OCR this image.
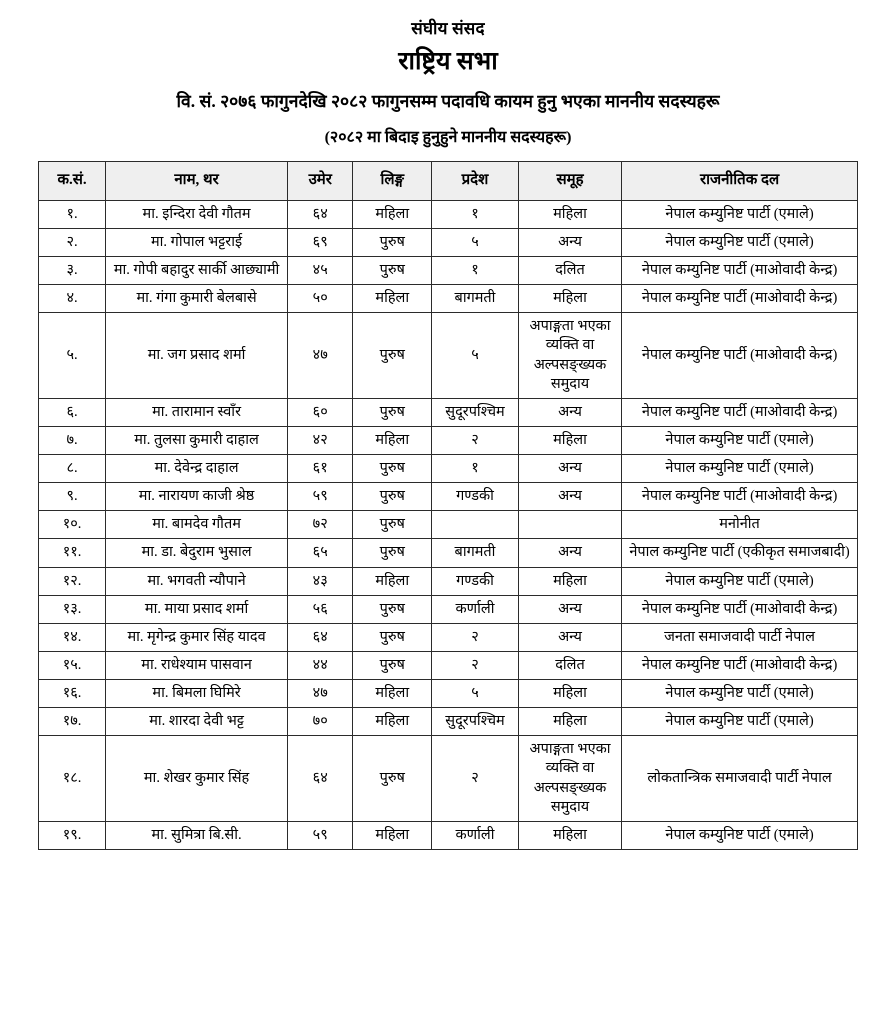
संघीय संसद
राष्ट्रिय सभा
वि. सं. २०७६ फागुनदेखि २०८२ फागुनसम्म पदावधि कायम हुनु भएका माननीय सदस्यहरू
(२०८२ मा बिदाइ हुनुहुने माननीय सदस्यहरू)
क.सं.	नाम, थर	उमेर	लिङ्ग	प्रदेश	समूह	राजनीतिक दल
१.	मा. इन्दिरा देवी गौतम	६४	महिला	१	महिला	नेपाल कम्युनिष्ट पार्टी (एमाले)
२.	मा. गोपाल भट्टराई	६९	पुरुष	५	अन्य	नेपाल कम्युनिष्ट पार्टी (एमाले)
३.	मा. गोपी बहादुर सार्की आछ्यामी	४५	पुरुष	१	दलित	नेपाल कम्युनिष्ट पार्टी (माओवादी केन्द्र)
४.	मा. गंगा कुमारी बेलबासे	५०	महिला	बागमती	महिला	नेपाल कम्युनिष्ट पार्टी (माओवादी केन्द्र)
५.	मा. जग प्रसाद शर्मा	४७	पुरुष	५	अपाङ्गता भएका व्यक्ति वा अल्पसङ्ख्यक समुदाय	नेपाल कम्युनिष्ट पार्टी (माओवादी केन्द्र)
६.	मा. तारामान स्वाँर	६०	पुरुष	सुदूरपश्चिम	अन्य	नेपाल कम्युनिष्ट पार्टी (माओवादी केन्द्र)
७.	मा. तुलसा कुमारी दाहाल	४२	महिला	२	महिला	नेपाल कम्युनिष्ट पार्टी (एमाले)
८.	मा. देवेन्द्र दाहाल	६१	पुरुष	१	अन्य	नेपाल कम्युनिष्ट पार्टी (एमाले)
९.	मा. नारायण काजी श्रेष्ठ	५९	पुरुष	गण्डकी	अन्य	नेपाल कम्युनिष्ट पार्टी (माओवादी केन्द्र)
१०.	मा. बामदेव गौतम	७२	पुरुष			मनोनीत
११.	मा. डा. बेदुराम भुसाल	६५	पुरुष	बागमती	अन्य	नेपाल कम्युनिष्ट पार्टी (एकीकृत समाजबादी)
१२.	मा. भगवती न्यौपाने	४३	महिला	गण्डकी	महिला	नेपाल कम्युनिष्ट पार्टी (एमाले)
१३.	मा. माया प्रसाद शर्मा	५६	पुरुष	कर्णाली	अन्य	नेपाल कम्युनिष्ट पार्टी (माओवादी केन्द्र)
१४.	मा. मृगेन्द्र कुमार सिंह यादव	६४	पुरुष	२	अन्य	जनता समाजवादी पार्टी नेपाल
१५.	मा. राधेश्याम पासवान	४४	पुरुष	२	दलित	नेपाल कम्युनिष्ट पार्टी (माओवादी केन्द्र)
१६.	मा. बिमला घिमिरे	४७	महिला	५	महिला	नेपाल कम्युनिष्ट पार्टी (एमाले)
१७.	मा. शारदा देवी भट्ट	७०	महिला	सुदूरपश्चिम	महिला	नेपाल कम्युनिष्ट पार्टी (एमाले)
१८.	मा. शेखर कुमार सिंह	६४	पुरुष	२	अपाङ्गता भएका व्यक्ति वा अल्पसङ्ख्यक समुदाय	लोकतान्त्रिक समाजवादी पार्टी नेपाल
१९.	मा. सुमित्रा बि.सी.	५९	महिला	कर्णाली	महिला	नेपाल कम्युनिष्ट पार्टी (एमाले)
